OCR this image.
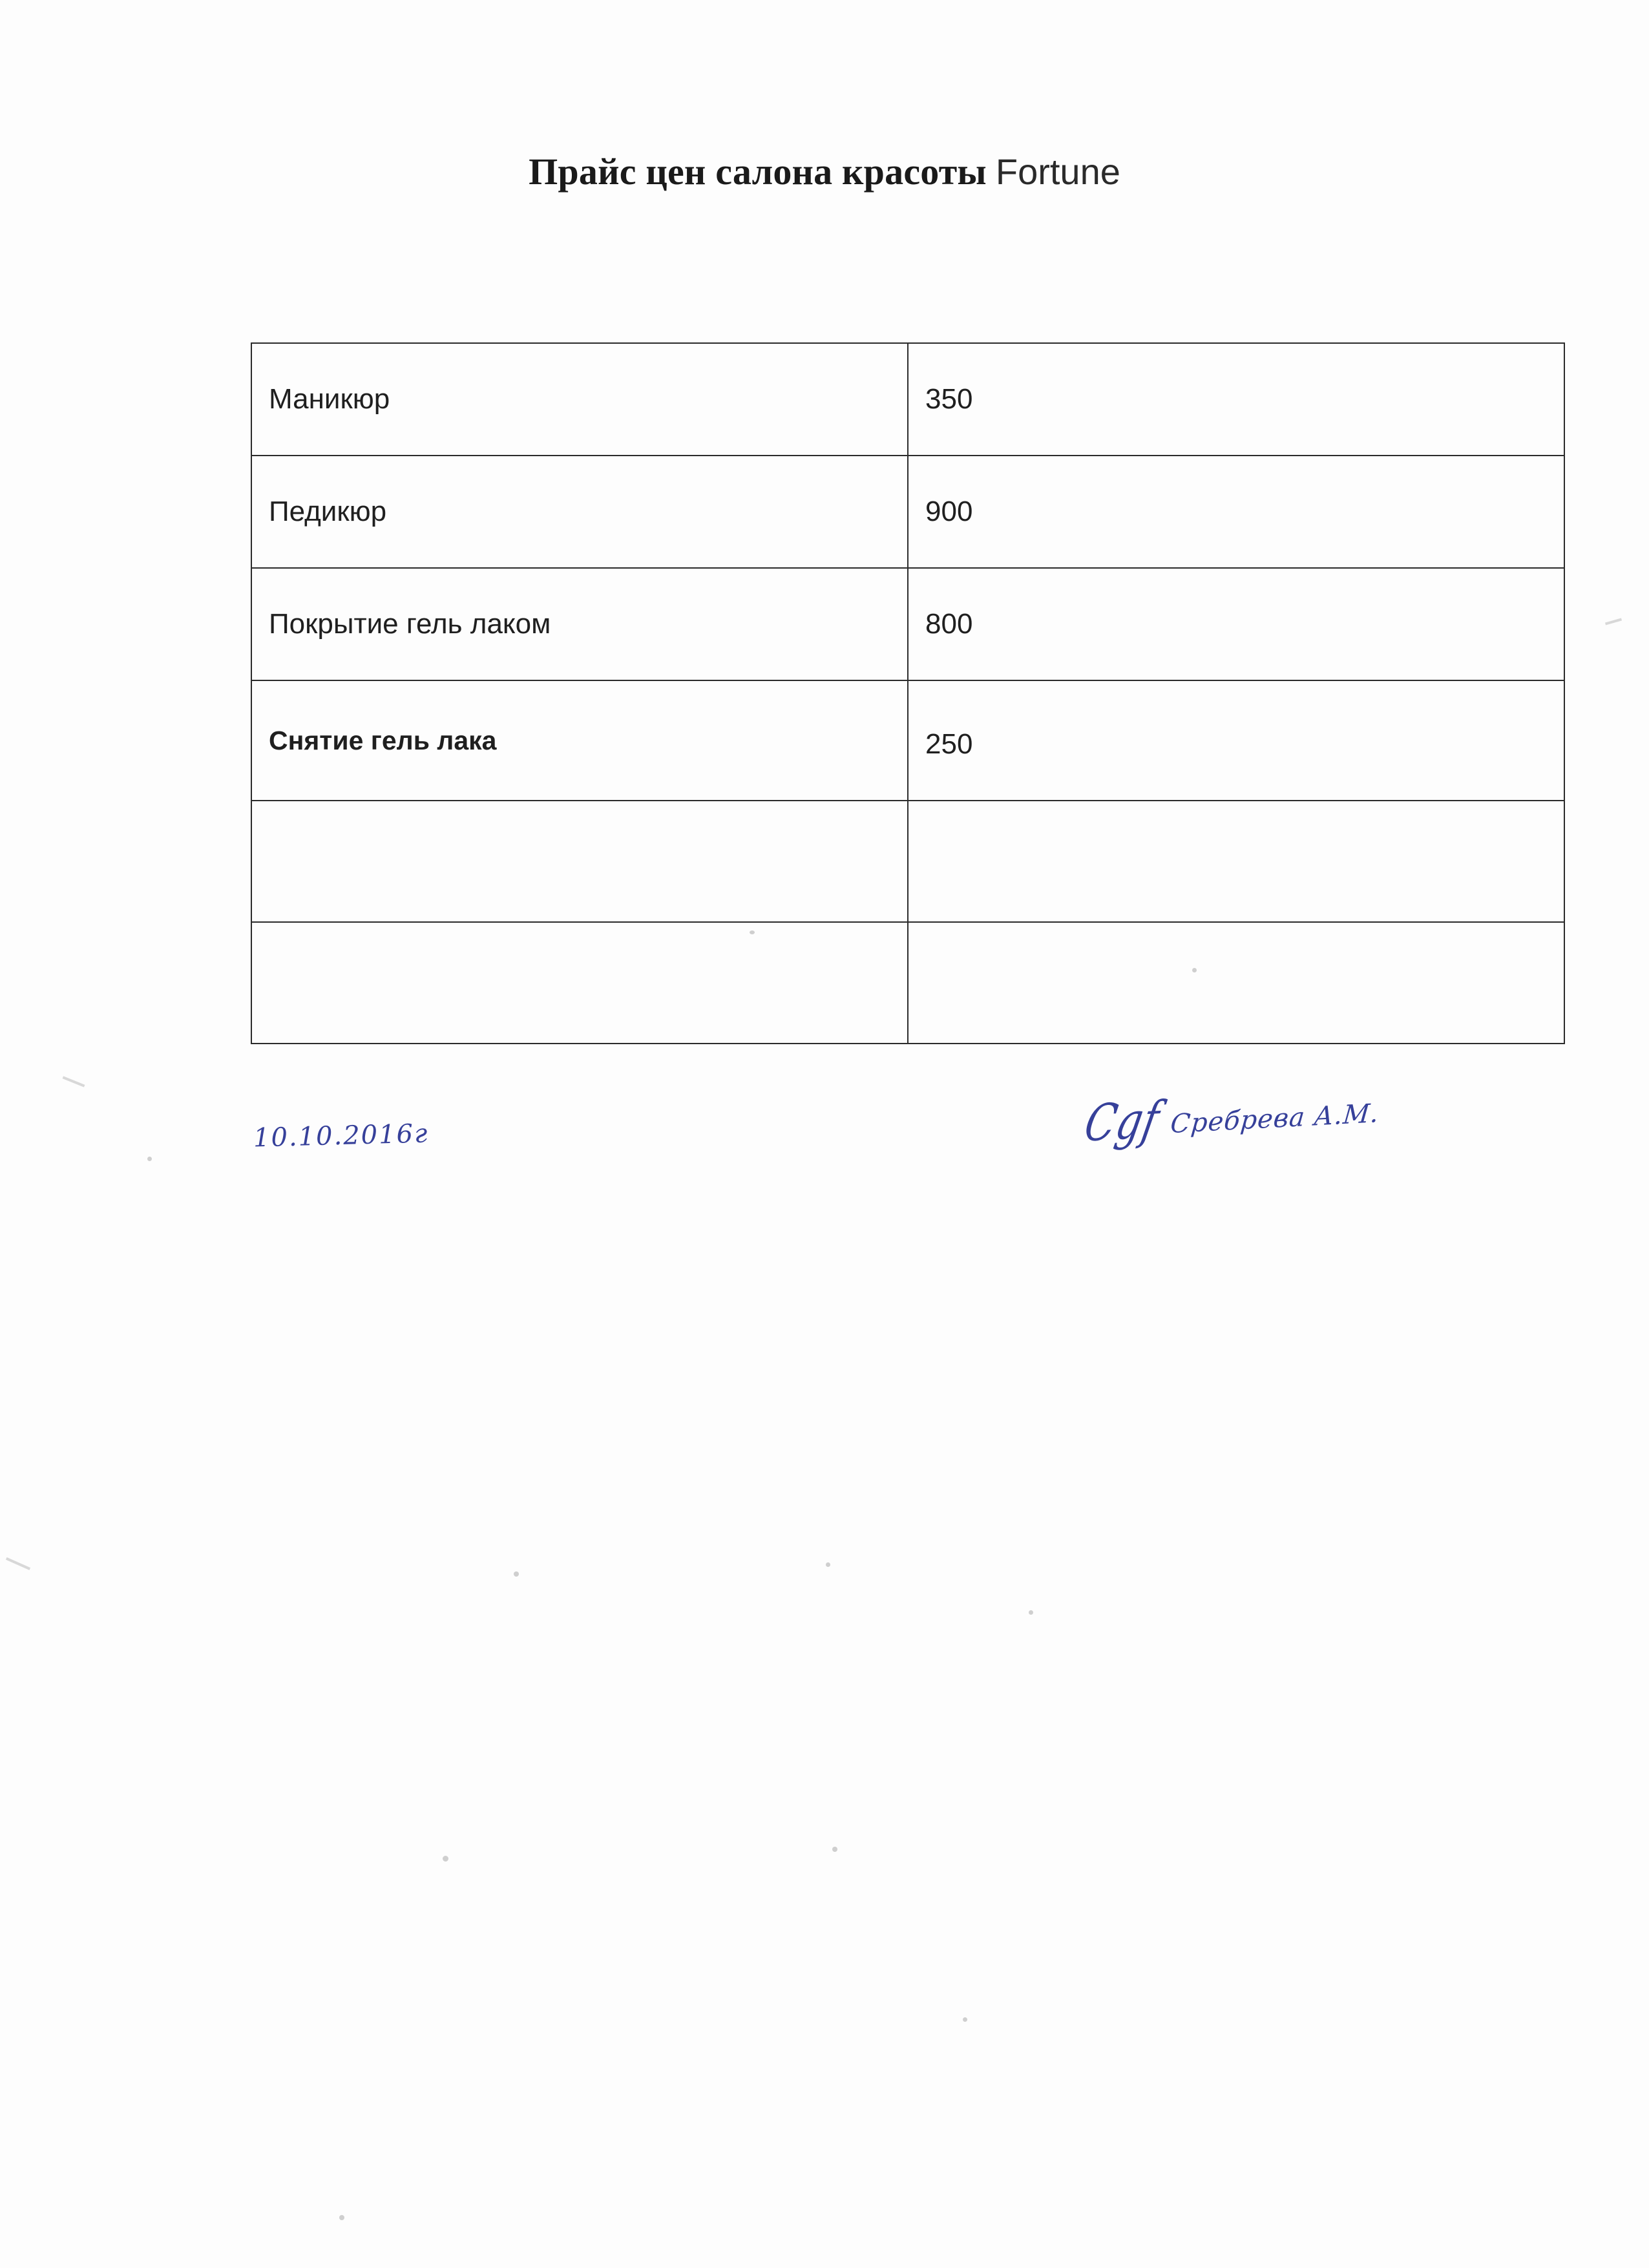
Прайс цен салона красоты Fortune
Маникюр	350
Педикюр	900
Покрытие гель лаком	800
Снятие гель лака	250

10.10.2016г	Cgf Сребрева А.М.
